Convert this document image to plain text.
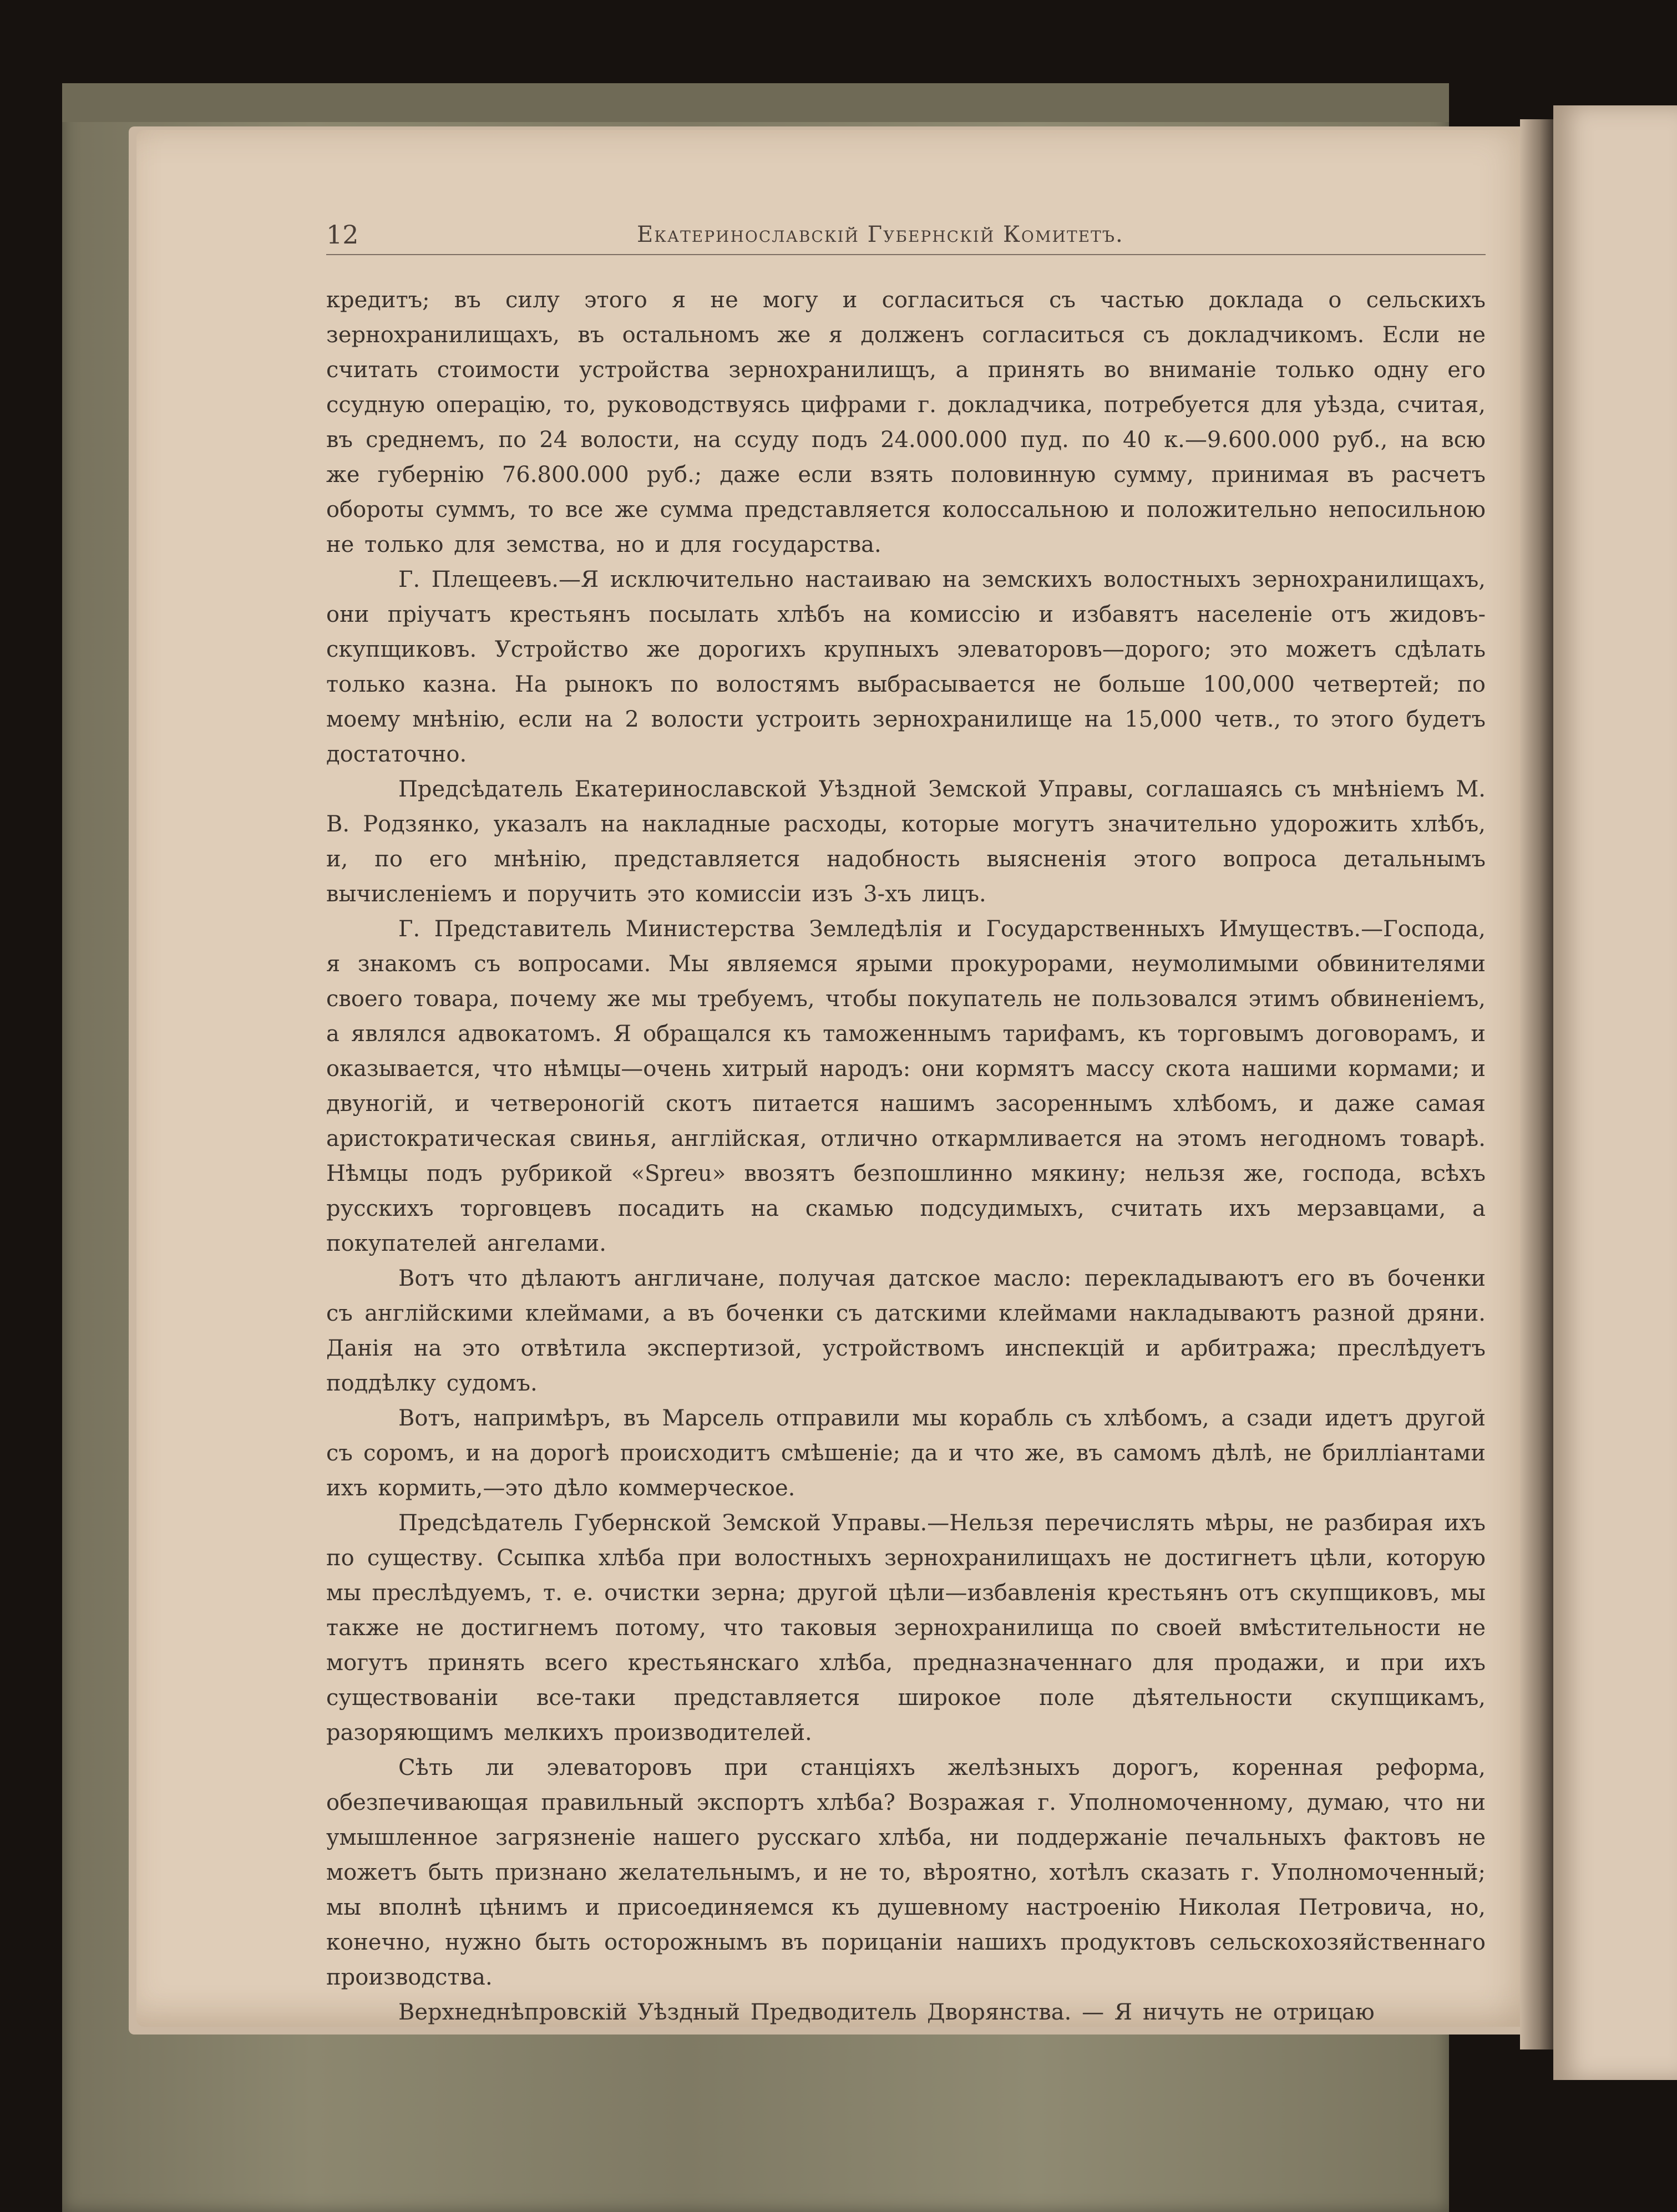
12	Екатеринославскій Губернскій Комитетъ.

кредитъ; въ силу этого я не могу и согласиться съ частью доклада о сельскихъ зернохранилищахъ, въ остальномъ же я долженъ согласиться съ докладчикомъ. Если не считать стоимости устройства зернохранилищъ, а принять во вниманіе только одну его ссудную операцію, то, руководствуясь цифрами г. докладчика, потребуется для уѣзда, считая, въ среднемъ, по 24 волости, на ссуду подъ 24.000.000 пуд. по 40 к.—9.600.000 руб., на всю же губернію 76.800.000 руб.; даже если взять половинную сумму, принимая въ расчетъ обороты суммъ, то все же сумма представляется колоссальною и положительно непосильною не только для земства, но и для государства.

Г. Плещеевъ.—Я исключительно настаиваю на земскихъ волостныхъ зернохранилищахъ, они пріучатъ крестьянъ посылать хлѣбъ на комиссію и избавятъ населеніе отъ жидовъ-скупщиковъ. Устройство же дорогихъ крупныхъ элеваторовъ—дорого; это можетъ сдѣлать только казна. На рынокъ по волостямъ выбрасывается не больше 100,000 четвертей; по моему мнѣнію, если на 2 волости устроить зернохранилище на 15,000 четв., то этого будетъ достаточно.

Предсѣдатель Екатеринославской Уѣздной Земской Управы, соглашаясь съ мнѣніемъ М. В. Родзянко, указалъ на накладные расходы, которые могутъ значительно удорожить хлѣбъ, и, по его мнѣнію, представляется надобность выясненія этого вопроса детальнымъ вычисленіемъ и поручить это комиссіи изъ 3-хъ лицъ.

Г. Представитель Министерства Земледѣлія и Государственныхъ Имуществъ.—Господа, я знакомъ съ вопросами. Мы являемся ярыми прокурорами, неумолимыми обвинителями своего товара, почему же мы требуемъ, чтобы покупатель не пользовался этимъ обвиненіемъ, а являлся адвокатомъ. Я обращался къ таможеннымъ тарифамъ, къ торговымъ договорамъ, и оказывается, что нѣмцы—очень хитрый народъ: они кормятъ массу скота нашими кормами; и двуногій, и четвероногій скотъ питается нашимъ засореннымъ хлѣбомъ, и даже самая аристократическая свинья, англійская, отлично откармливается на этомъ негодномъ товарѣ. Нѣмцы подъ рубрикой «Spreu» ввозятъ безпошлинно мякину; нельзя же, господа, всѣхъ русскихъ торговцевъ посадить на скамью подсудимыхъ, считать ихъ мерзавцами, а покупателей ангелами.

Вотъ что дѣлаютъ англичане, получая датское масло: перекладываютъ его въ боченки съ англійскими клеймами, а въ боченки съ датскими клеймами накладываютъ разной дряни. Данія на это отвѣтила экспертизой, устройствомъ инспекцій и арбитража; преслѣдуетъ поддѣлку судомъ.

Вотъ, напримѣръ, въ Марсель отправили мы корабль съ хлѣбомъ, а сзади идетъ другой съ соромъ, и на дорогѣ происходитъ смѣшеніе; да и что же, въ самомъ дѣлѣ, не бриллiантами ихъ кормить,—это дѣло коммерческое.

Предсѣдатель Губернской Земской Управы.—Нельзя перечислять мѣры, не разбирая ихъ по существу. Ссыпка хлѣба при волостныхъ зернохранилищахъ не достигнетъ цѣли, которую мы преслѣдуемъ, т. е. очистки зерна; другой цѣли—избавленія крестьянъ отъ скупщиковъ, мы также не достигнемъ потому, что таковыя зернохранилища по своей вмѣстительности не могутъ принять всего крестьянскаго хлѣба, предназначеннаго для продажи, и при ихъ существованіи все-таки представляется широкое поле дѣятельности скупщикамъ, разоряющимъ мелкихъ производителей.

Сѣть ли элеваторовъ при станціяхъ желѣзныхъ дорогъ, коренная реформа, обезпечивающая правильный экспортъ хлѣба? Возражая г. Уполномоченному, думаю, что ни умышленное загрязненіе нашего русскаго хлѣба, ни поддержаніе печальныхъ фактовъ не можетъ быть признано желательнымъ, и не то, вѣроятно, хотѣлъ сказать г. Уполномоченный; мы вполнѣ цѣнимъ и присоединяемся къ душевному настроенію Николая Петровича, но, конечно, нужно быть осторожнымъ въ порицаніи нашихъ продуктовъ сельскохозяйственнаго производства.

Верхнеднѣпровскій Уѣздный Предводитель Дворянства. — Я ничуть не отрицаю
